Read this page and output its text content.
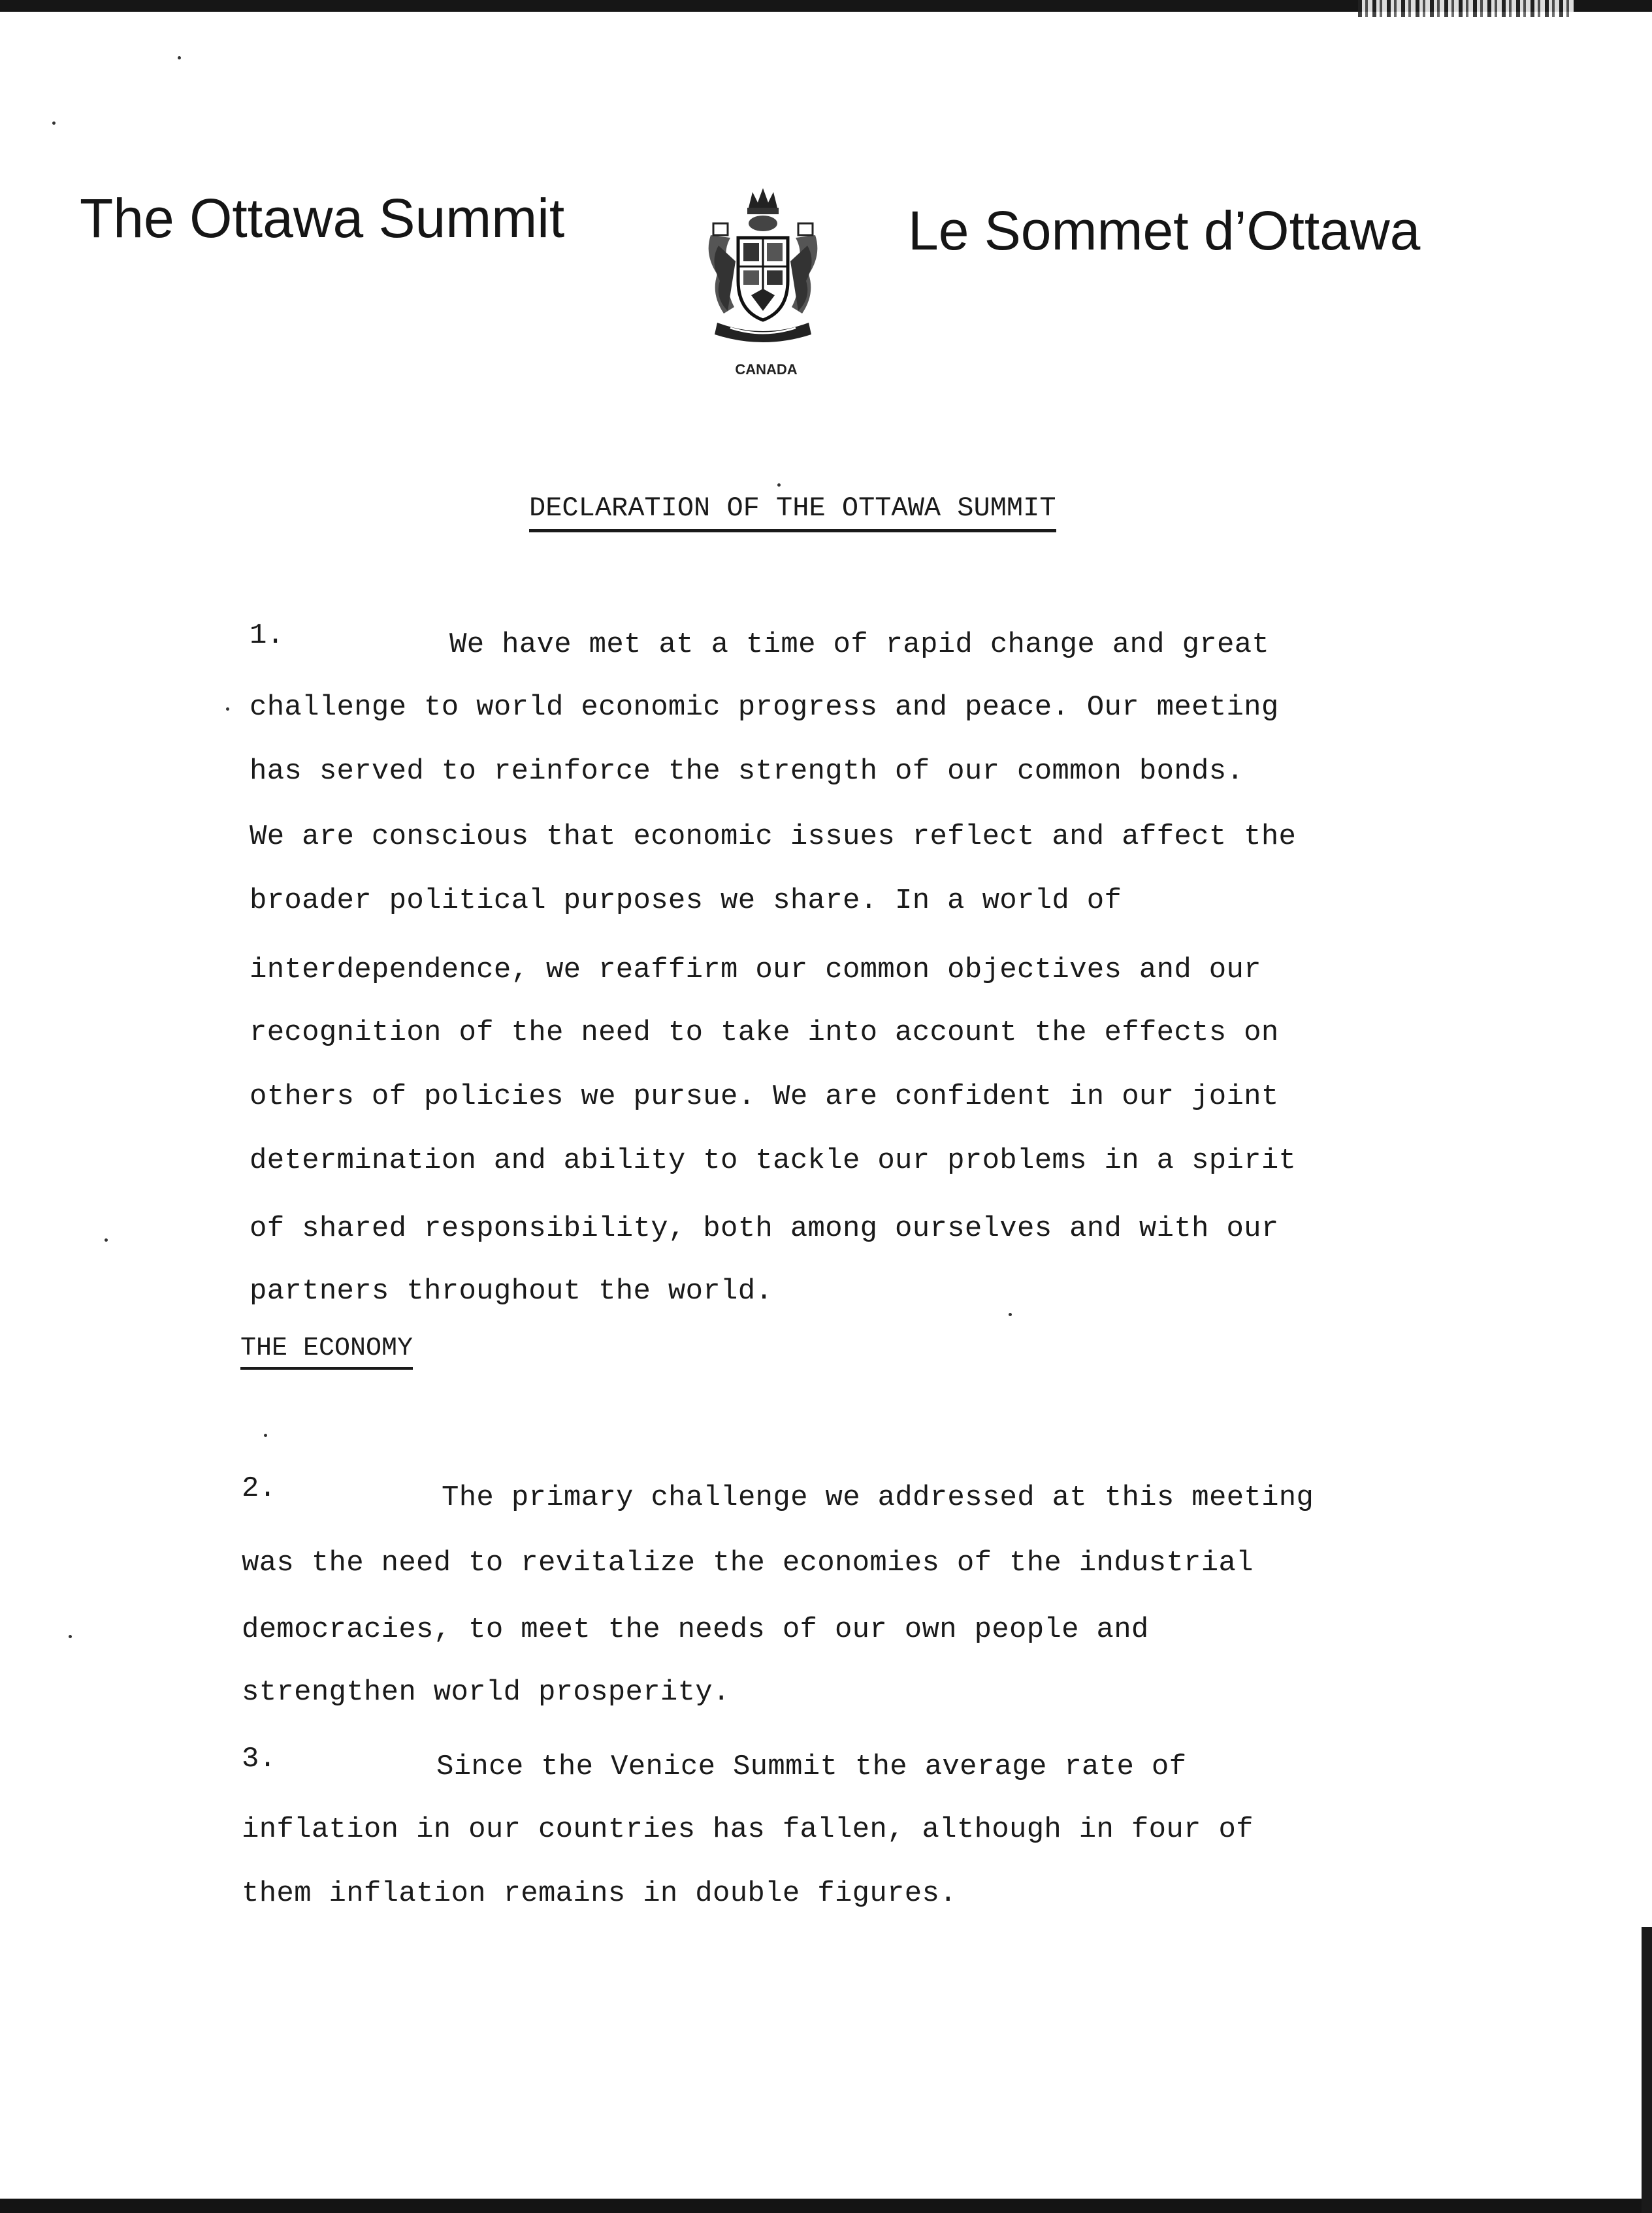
The Ottawa Summit
CANADA
Le Sommet d’Ottawa
DECLARATION OF THE OTTAWA SUMMIT
1.	We have met at a time of rapid change and great
challenge to world economic progress and peace. Our meeting
has served to reinforce the strength of our common bonds.
We are conscious that economic issues reflect and affect the
broader political purposes we share. In a world of
interdependence, we reaffirm our common objectives and our
recognition of the need to take into account the effects on
others of policies we pursue. We are confident in our joint
determination and ability to tackle our problems in a spirit
of shared responsibility, both among ourselves and with our
partners throughout the world.
THE ECONOMY
2.	The primary challenge we addressed at this meeting
was the need to revitalize the economies of the industrial
democracies, to meet the needs of our own people and
strengthen world prosperity.
3.	Since the Venice Summit the average rate of
inflation in our countries has fallen, although in four of
them inflation remains in double figures.
